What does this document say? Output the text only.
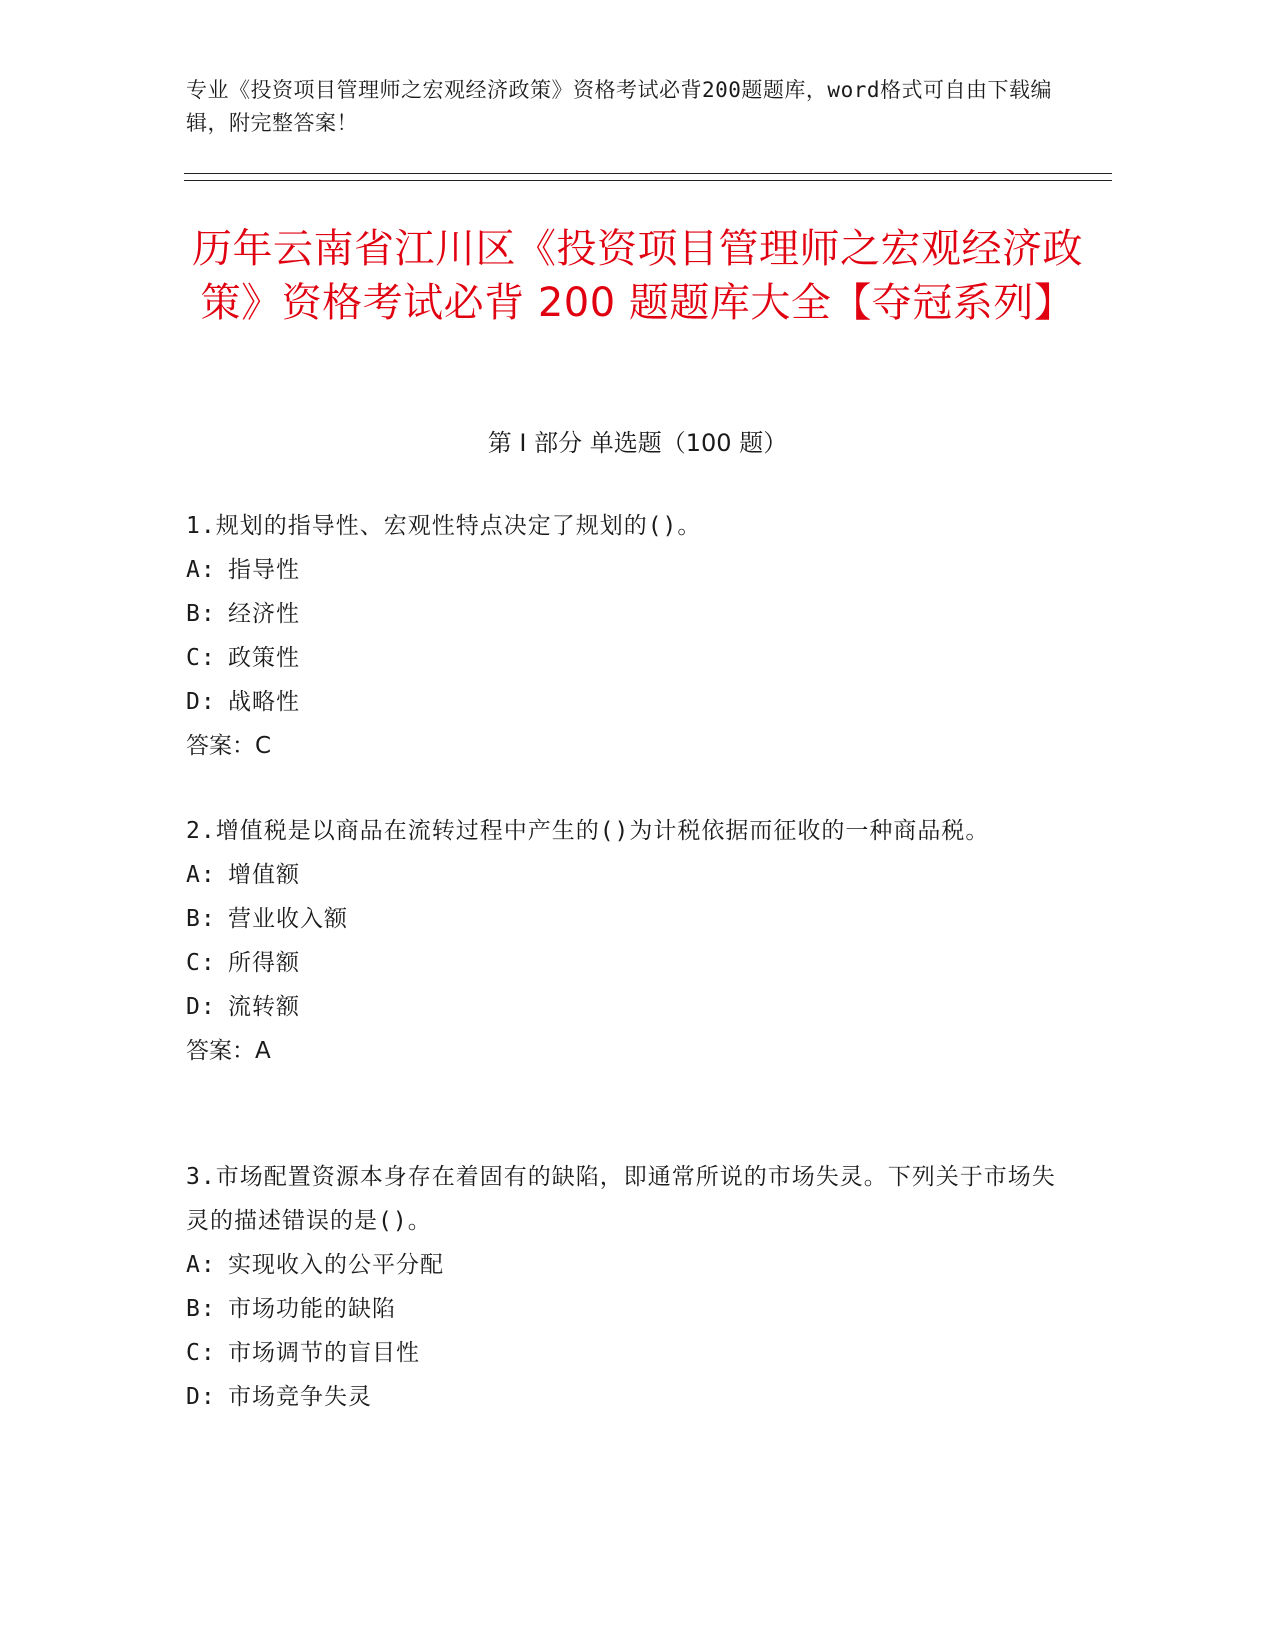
专业《投资项目管理师之宏观经济政策》资格考试必背200题题库，word格式可自由下载编辑，附完整答案！
历年云南省江川区《投资项目管理师之宏观经济政策》资格考试必背 200 题题库大全【夺冠系列】
第 I 部分 单选题（100 题）
1.规划的指导性、宏观性特点决定了规划的()。
A: 指导性
B: 经济性
C: 政策性
D: 战略性
答案：C
2.增值税是以商品在流转过程中产生的()为计税依据而征收的一种商品税。
A: 增值额
B: 营业收入额
C: 所得额
D: 流转额
答案：A
3.市场配置资源本身存在着固有的缺陷，即通常所说的市场失灵。下列关于市场失灵的描述错误的是()。
A: 实现收入的公平分配
B: 市场功能的缺陷
C: 市场调节的盲目性
D: 市场竞争失灵
